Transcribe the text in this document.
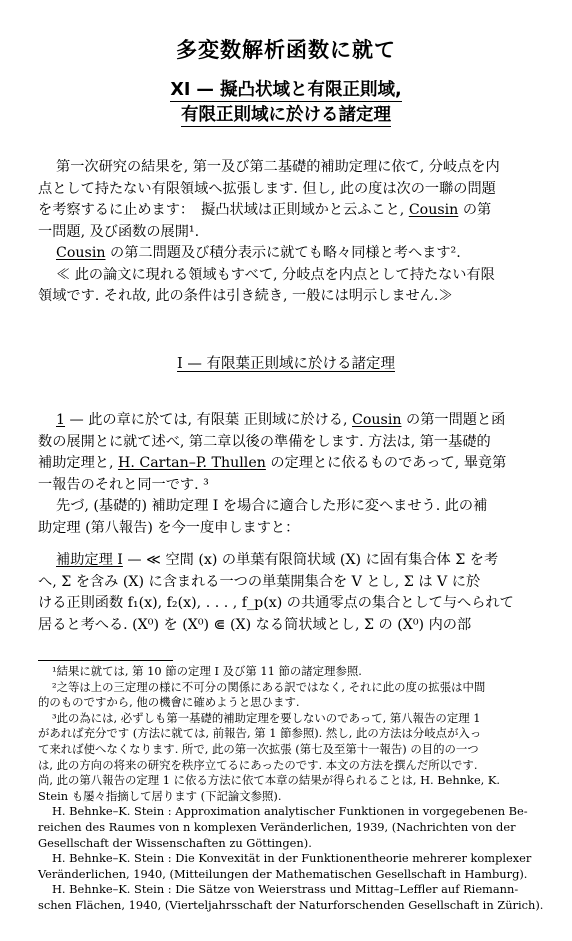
多変数解析函数に就て
XI — 擬凸状域と有限正則域,
有限正則域に於ける諸定理
第一次研究の結果を, 第一及び第二基礎的補助定理に依て, 分岐点を内
点として持たない有限領域へ拡張します. 但し, 此の度は次の一聯の問題
を考察するに止めます：　擬凸状域は正則域かと云ふこと, Cousin の第
一問題, 及び函数の展開¹.
Cousin の第二問題及び積分表示に就ても略々同様と考へます².
≪ 此の論文に現れる領域もすべて, 分岐点を内点として持たない有限
領域です. それ故, 此の条件は引き続き, 一般には明示しません.≫
I — 有限葉正則域に於ける諸定理
1 — 此の章に於ては, 有限葉 正則域に於ける, Cousin の第一問題と函
数の展開とに就て述べ, 第二章以後の準備をします. 方法は, 第一基礎的
補助定理と, H. Cartan–P. Thullen の定理とに依るものであって, 畢竟第
一報告のそれと同一です. ³
先づ, (基礎的) 補助定理 I を場合に適合した形に変へませう. 此の補
助定理 (第八報告) を今一度申しますと：
補助定理 I — ≪ 空間 (x) の単葉有限筒状域 (X) に固有集合体 Σ を考
へ, Σ を含み (X) に含まれる一つの単葉開集合を V とし, Σ は V に於
ける正則函数 f₁(x), f₂(x), . . . , f_p(x) の共通零点の集合として与へられて
居ると考へる. (X⁰) を (X⁰) ⋐ (X) なる筒状域とし, Σ の (X⁰) 内の部
¹結果に就ては, 第 10 節の定理 I 及び第 11 節の諸定理参照.
²之等は上の三定理の様に不可分の関係にある訳ではなく, それに此の度の拡張は中間
的のものですから, 他の機會に確めようと思ひます.
³此の為には, 必ずしも第一基礎的補助定理を要しないのであって, 第八報告の定理 1
があれば充分です (方法に就ては, 前報告, 第 1 節参照). 然し, 此の方法は分岐点が入っ
て来れば使へなくなります. 所で, 此の第一次拡張 (第七及至第十一報告) の目的の一つ
は, 此の方向の将来の研究を秩序立てるにあったのです. 本文の方法を撰んだ所以です.
尚, 此の第八報告の定理 1 に依る方法に依て本章の結果が得られることは, H. Behnke, K.
Stein も屡々指摘して居ります (下記論文参照).
H. Behnke–K. Stein : Approximation analytischer Funktionen in vorgegebenen Be-
reichen des Raumes von n komplexen Veränderlichen, 1939, (Nachrichten von der
Gesellschaft der Wissenschaften zu Göttingen).
H. Behnke–K. Stein : Die Konvexität in der Funktionentheorie mehrerer komplexer
Veränderlichen, 1940, (Mitteilungen der Mathematischen Gesellschaft in Hamburg).
H. Behnke–K. Stein : Die Sätze von Weierstrass und Mittag–Leffler auf Riemann-
schen Flächen, 1940, (Vierteljahrsschaft der Naturforschenden Gesellschaft in Zürich).
